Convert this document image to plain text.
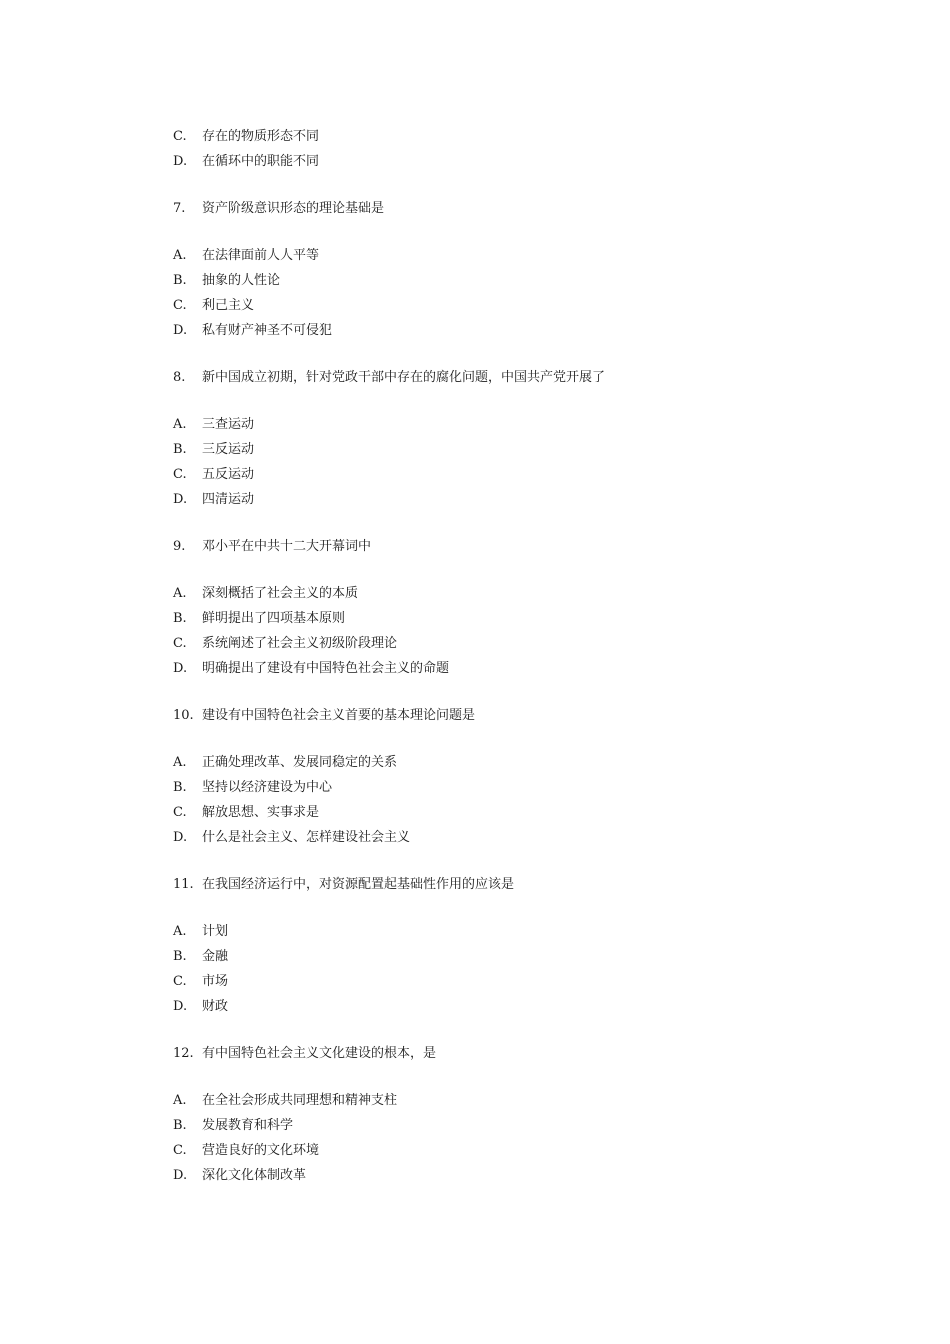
C.	存在的物质形态不同
D.	在循环中的职能不同
7.	资产阶级意识形态的理论基础是
A.	在法律面前人人平等
B.	抽象的人性论
C.	利己主义
D.	私有财产神圣不可侵犯
8.	新中国成立初期，针对党政干部中存在的腐化问题，中国共产党开展了
A.	三查运动
B.	三反运动
C.	五反运动
D.	四清运动
9.	邓小平在中共十二大开幕词中
A.	深刻概括了社会主义的本质
B.	鲜明提出了四项基本原则
C.	系统阐述了社会主义初级阶段理论
D.	明确提出了建设有中国特色社会主义的命题
10. 建设有中国特色社会主义首要的基本理论问题是
A.	正确处理改革、发展同稳定的关系
B.	坚持以经济建设为中心
C.	解放思想、实事求是
D.	什么是社会主义、怎样建设社会主义
11. 在我国经济运行中，对资源配置起基础性作用的应该是
A.	计划
B.	金融
C.	市场
D.	财政
12. 有中国特色社会主义文化建设的根本，是
A.	在全社会形成共同理想和精神支柱
B.	发展教育和科学
C.	营造良好的文化环境
D.	深化文化体制改革
